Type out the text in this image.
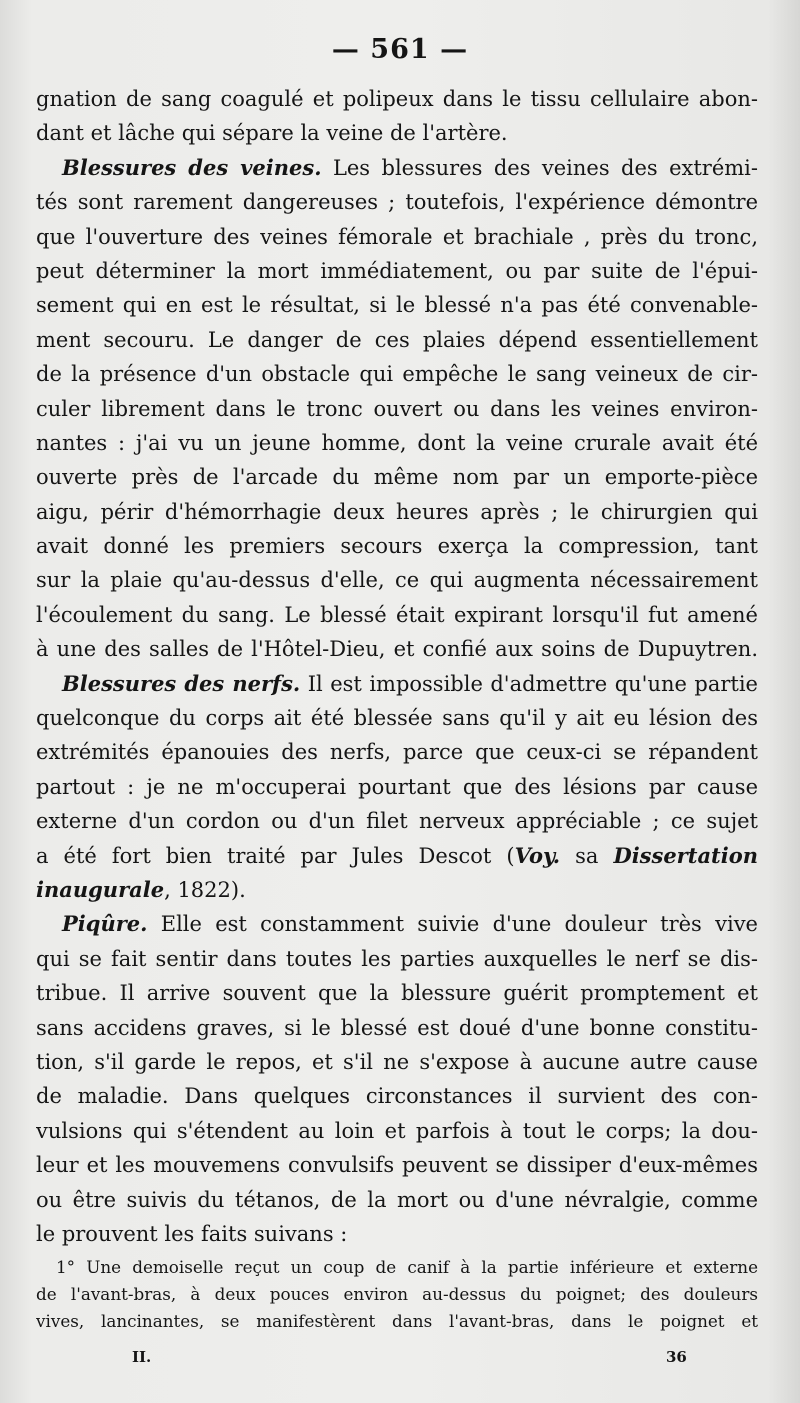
— 561 —
gnation de sang coagulé et polipeux dans le tissu cellulaire abon-
dant et lâche qui sépare la veine de l'artère.
Blessures des veines. Les blessures des veines des extrémi-
tés sont rarement dangereuses ; toutefois, l'expérience démontre
que l'ouverture des veines fémorale et brachiale , près du tronc,
peut déterminer la mort immédiatement, ou par suite de l'épui-
sement qui en est le résultat, si le blessé n'a pas été convenable-
ment secouru. Le danger de ces plaies dépend essentiellement
de la présence d'un obstacle qui empêche le sang veineux de cir-
culer librement dans le tronc ouvert ou dans les veines environ-
nantes : j'ai vu un jeune homme, dont la veine crurale avait été
ouverte près de l'arcade du même nom par un emporte-pièce
aigu, périr d'hémorrhagie deux heures après ; le chirurgien qui
avait donné les premiers secours exerça la compression, tant
sur la plaie qu'au-dessus d'elle, ce qui augmenta nécessairement
l'écoulement du sang. Le blessé était expirant lorsqu'il fut amené
à une des salles de l'Hôtel-Dieu, et confié aux soins de Dupuytren.
Blessures des nerfs. Il est impossible d'admettre qu'une partie
quelconque du corps ait été blessée sans qu'il y ait eu lésion des
extrémités épanouies des nerfs, parce que ceux-ci se répandent
partout : je ne m'occuperai pourtant que des lésions par cause
externe d'un cordon ou d'un filet nerveux appréciable ; ce sujet
a été fort bien traité par Jules Descot (Voy. sa Dissertation
inaugurale, 1822).
Piqûre. Elle est constamment suivie d'une douleur très vive
qui se fait sentir dans toutes les parties auxquelles le nerf se dis-
tribue. Il arrive souvent que la blessure guérit promptement et
sans accidens graves, si le blessé est doué d'une bonne constitu-
tion, s'il garde le repos, et s'il ne s'expose à aucune autre cause
de maladie. Dans quelques circonstances il survient des con-
vulsions qui s'étendent au loin et parfois à tout le corps; la dou-
leur et les mouvemens convulsifs peuvent se dissiper d'eux-mêmes
ou être suivis du tétanos, de la mort ou d'une névralgie, comme
le prouvent les faits suivans :
1° Une demoiselle reçut un coup de canif à la partie inférieure et externe
de l'avant-bras, à deux pouces environ au-dessus du poignet; des douleurs
vives, lancinantes, se manifestèrent dans l'avant-bras, dans le poignet et
II.	36
